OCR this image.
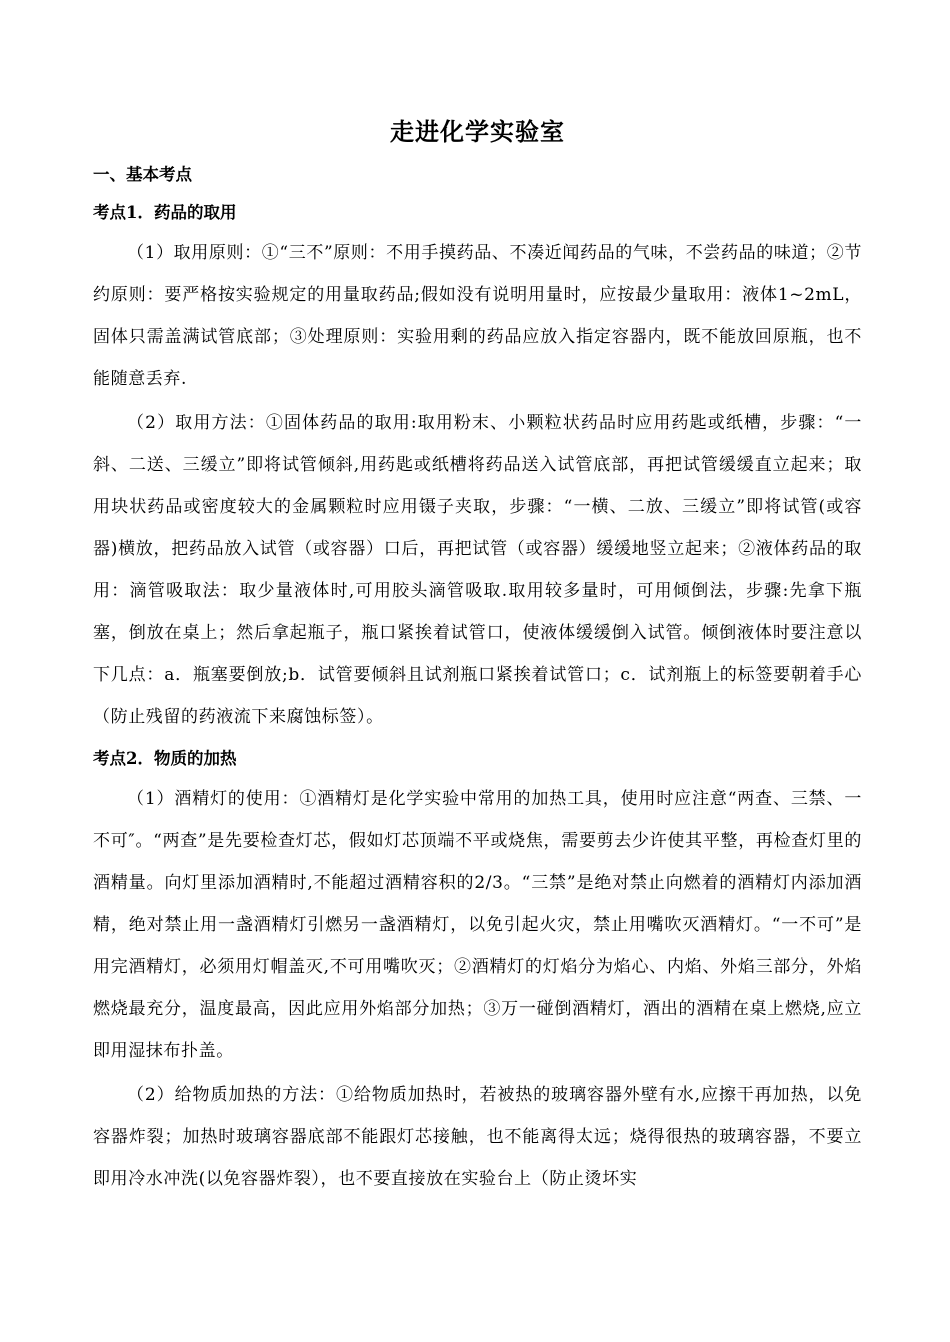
走进化学实验室

一、基本考点

考点1．药品的取用

（1）取用原则：①“三不”原则：不用手摸药品、不凑近闻药品的气味，不尝药品的味道；②节约原则：要严格按实验规定的用量取药品;假如没有说明用量时，应按最少量取用：液体1~2mL，固体只需盖满试管底部；③处理原则：实验用剩的药品应放入指定容器内，既不能放回原瓶，也不能随意丢弃.

（2）取用方法：①固体药品的取用:取用粉末、小颗粒状药品时应用药匙或纸槽，步骤：“一斜、二送、三缓立”即将试管倾斜,用药匙或纸槽将药品送入试管底部，再把试管缓缓直立起来；取用块状药品或密度较大的金属颗粒时应用镊子夹取，步骤：“一横、二放、三缓立”即将试管(或容器)横放，把药品放入试管（或容器）口后，再把试管（或容器）缓缓地竖立起来；②液体药品的取用：滴管吸取法：取少量液体时,可用胶头滴管吸取.取用较多量时，可用倾倒法，步骤:先拿下瓶塞，倒放在桌上；然后拿起瓶子，瓶口紧挨着试管口，使液体缓缓倒入试管。倾倒液体时要注意以下几点：a．瓶塞要倒放;b．试管要倾斜且试剂瓶口紧挨着试管口；c．试剂瓶上的标签要朝着手心（防止残留的药液流下来腐蚀标签）。

考点2．物质的加热

（1）酒精灯的使用：①酒精灯是化学实验中常用的加热工具，使用时应注意“两查、三禁、一不可″。“两查”是先要检查灯芯，假如灯芯顶端不平或烧焦，需要剪去少许使其平整，再检查灯里的酒精量。向灯里添加酒精时,不能超过酒精容积的2/3。“三禁”是绝对禁止向燃着的酒精灯内添加酒精，绝对禁止用一盏酒精灯引燃另一盏酒精灯，以免引起火灾，禁止用嘴吹灭酒精灯。“一不可”是用完酒精灯，必须用灯帽盖灭,不可用嘴吹灭；②酒精灯的灯焰分为焰心、内焰、外焰三部分，外焰燃烧最充分，温度最高，因此应用外焰部分加热；③万一碰倒酒精灯，酒出的酒精在桌上燃烧,应立即用湿抹布扑盖。

（2）给物质加热的方法：①给物质加热时，若被热的玻璃容器外壁有水,应擦干再加热，以免容器炸裂；加热时玻璃容器底部不能跟灯芯接触，也不能离得太远；烧得很热的玻璃容器，不要立即用冷水冲洗(以免容器炸裂），也不要直接放在实验台上（防止烫坏实
